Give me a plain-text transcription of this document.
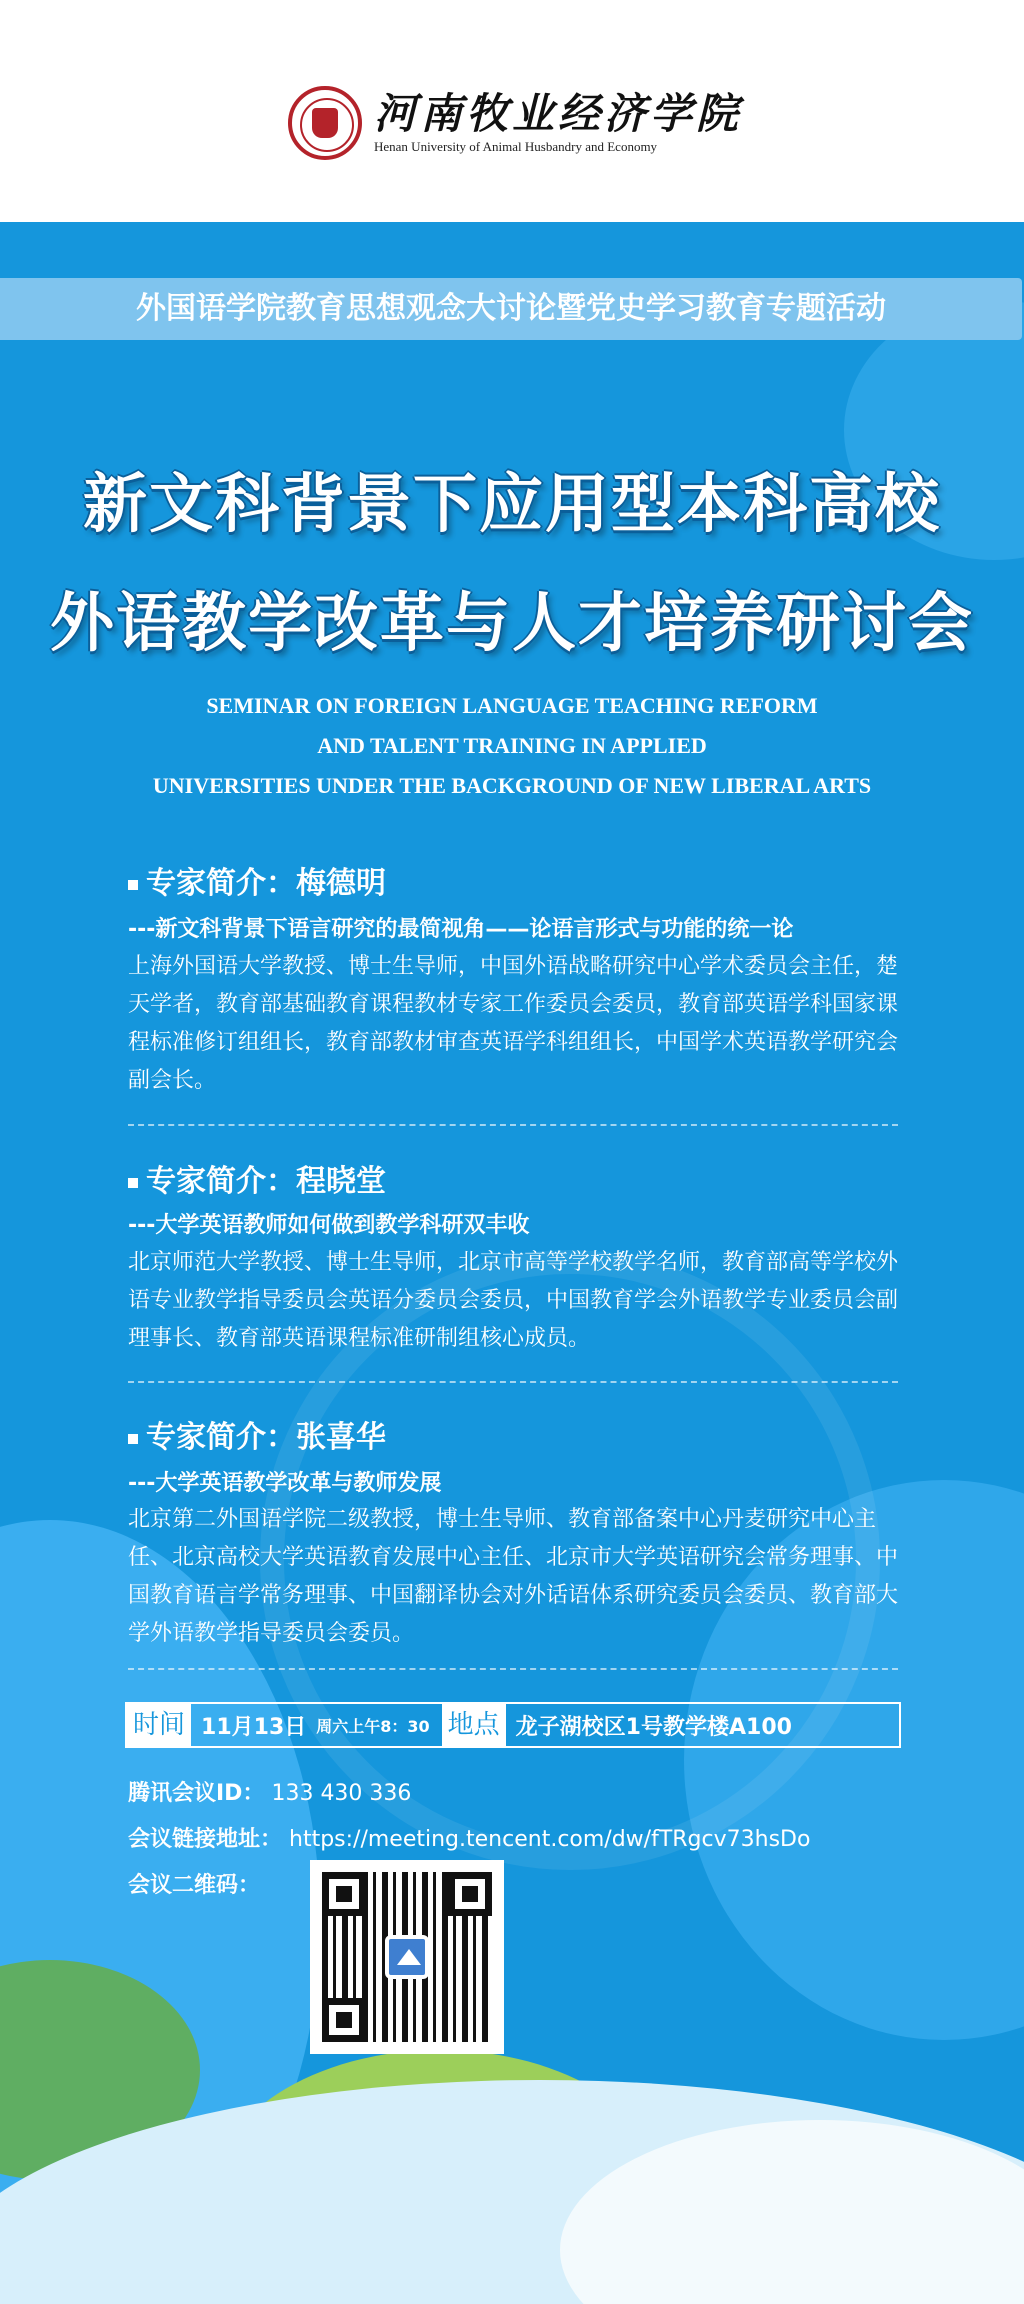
河南牧业经济学院
Henan University of Animal Husbandry and Economy
外国语学院教育思想观念大讨论暨党史学习教育专题活动
新文科背景下应用型本科高校
外语教学改革与人才培养研讨会
SEMINAR ON FOREIGN LANGUAGE TEACHING REFORM
AND TALENT TRAINING IN APPLIED
UNIVERSITIES UNDER THE BACKGROUND OF NEW LIBERAL ARTS
专家简介：梅德明
---新文科背景下语言研究的最简视角——论语言形式与功能的统一论
上海外国语大学教授、博士生导师，中国外语战略研究中心学术委员会主任，楚天学者，教育部基础教育课程教材专家工作委员会委员，教育部英语学科国家课程标准修订组组长，教育部教材审查英语学科组组长，中国学术英语教学研究会副会长。
专家简介：程晓堂
---大学英语教师如何做到教学科研双丰收
北京师范大学教授、博士生导师，北京市高等学校教学名师，教育部高等学校外语专业教学指导委员会英语分委员会委员，中国教育学会外语教学专业委员会副理事长、教育部英语课程标准研制组核心成员。
专家简介：张喜华
---大学英语教学改革与教师发展
北京第二外国语学院二级教授，博士生导师、教育部备案中心丹麦研究中心主任、北京高校大学英语教育发展中心主任、北京市大学英语研究会常务理事、中国教育语言学常务理事、中国翻译协会对外话语体系研究委员会委员、教育部大学外语教学指导委员会委员。
时间 11月13日 周六上午8：30 地点 龙子湖校区1号教学楼A100
腾讯会议ID： 133 430 336
会议链接地址： https://meeting.tencent.com/dw/fTRgcv73hsDo
会议二维码：
